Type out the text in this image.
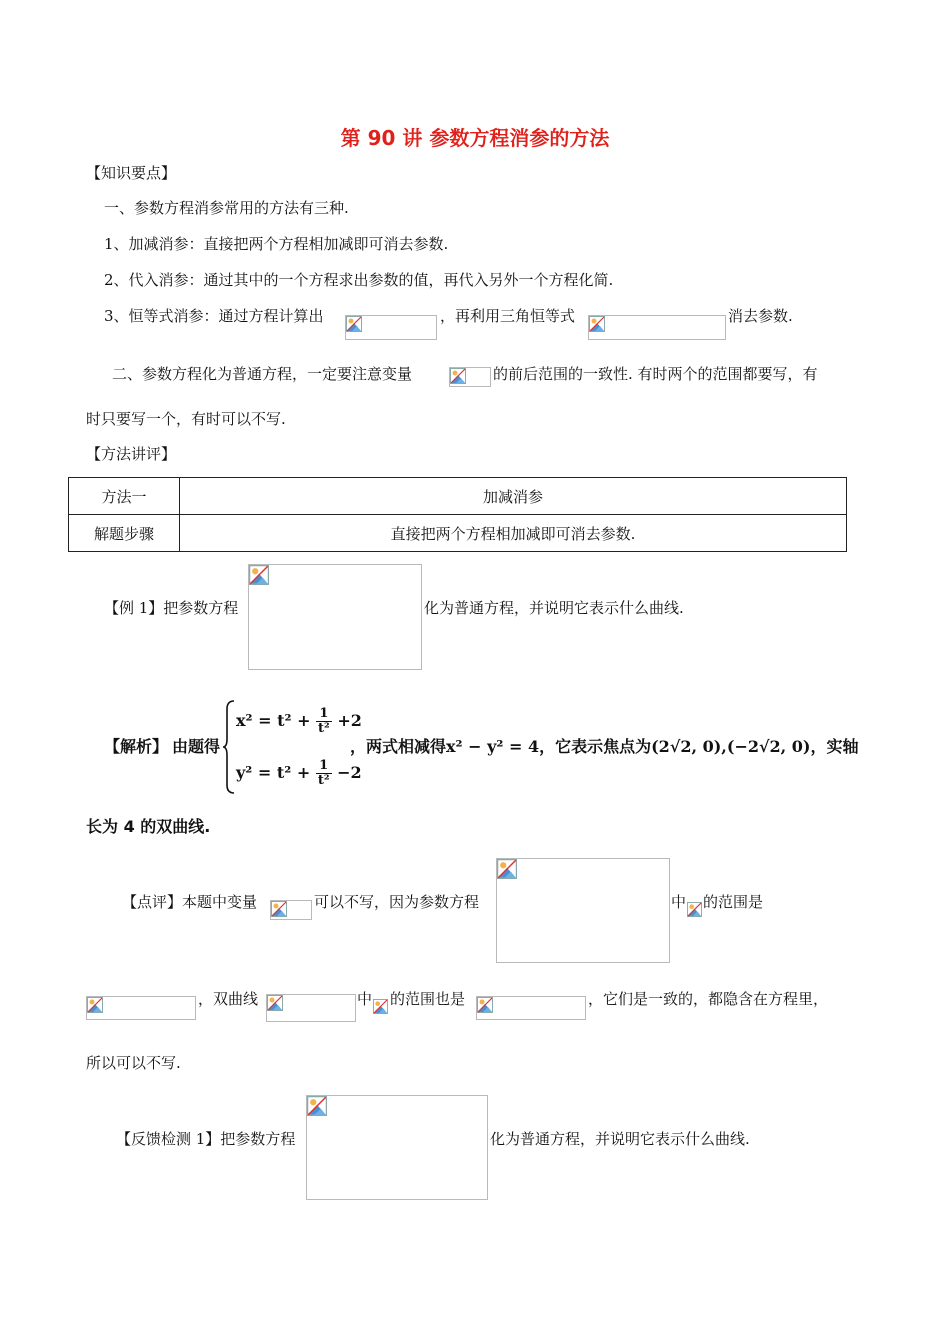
第 90 讲 参数方程消参的方法
【知识要点】
一、参数方程消参常用的方法有三种.
1、加减消参：直接把两个方程相加减即可消去参数.
2、代入消参：通过其中的一个方程求出参数的值，再代入另外一个方程化简.
3、恒等式消参：通过方程计算出	，再利用三角恒等式	消去参数.
二、参数方程化为普通方程，一定要注意变量	的前后范围的一致性. 有时两个的范围都要写，有
时只要写一个，有时可以不写.
【方法讲评】
方法一	加减消参
解题步骤	直接把两个方程相加减即可消去参数.
【例 1】把参数方程	化为普通方程，并说明它表示什么曲线.
【解析】 由题得
$x^2 = t^2 + \frac{1}{\text{t²}} +2$
$y^2 = t^2 + \frac{1}{\text{t²}} -2$
，两式相减得x² − y² = 4，它表示焦点为(2√2, 0),(−2√2, 0)，实轴
长为 4 的双曲线.
【点评】本题中变量	可以不写，因为参数方程	中 的范围是
，双曲线	中 的范围也是	，它们是一致的，都隐含在方程里，
所以可以不写.
【反馈检测 1】把参数方程	化为普通方程，并说明它表示什么曲线.
